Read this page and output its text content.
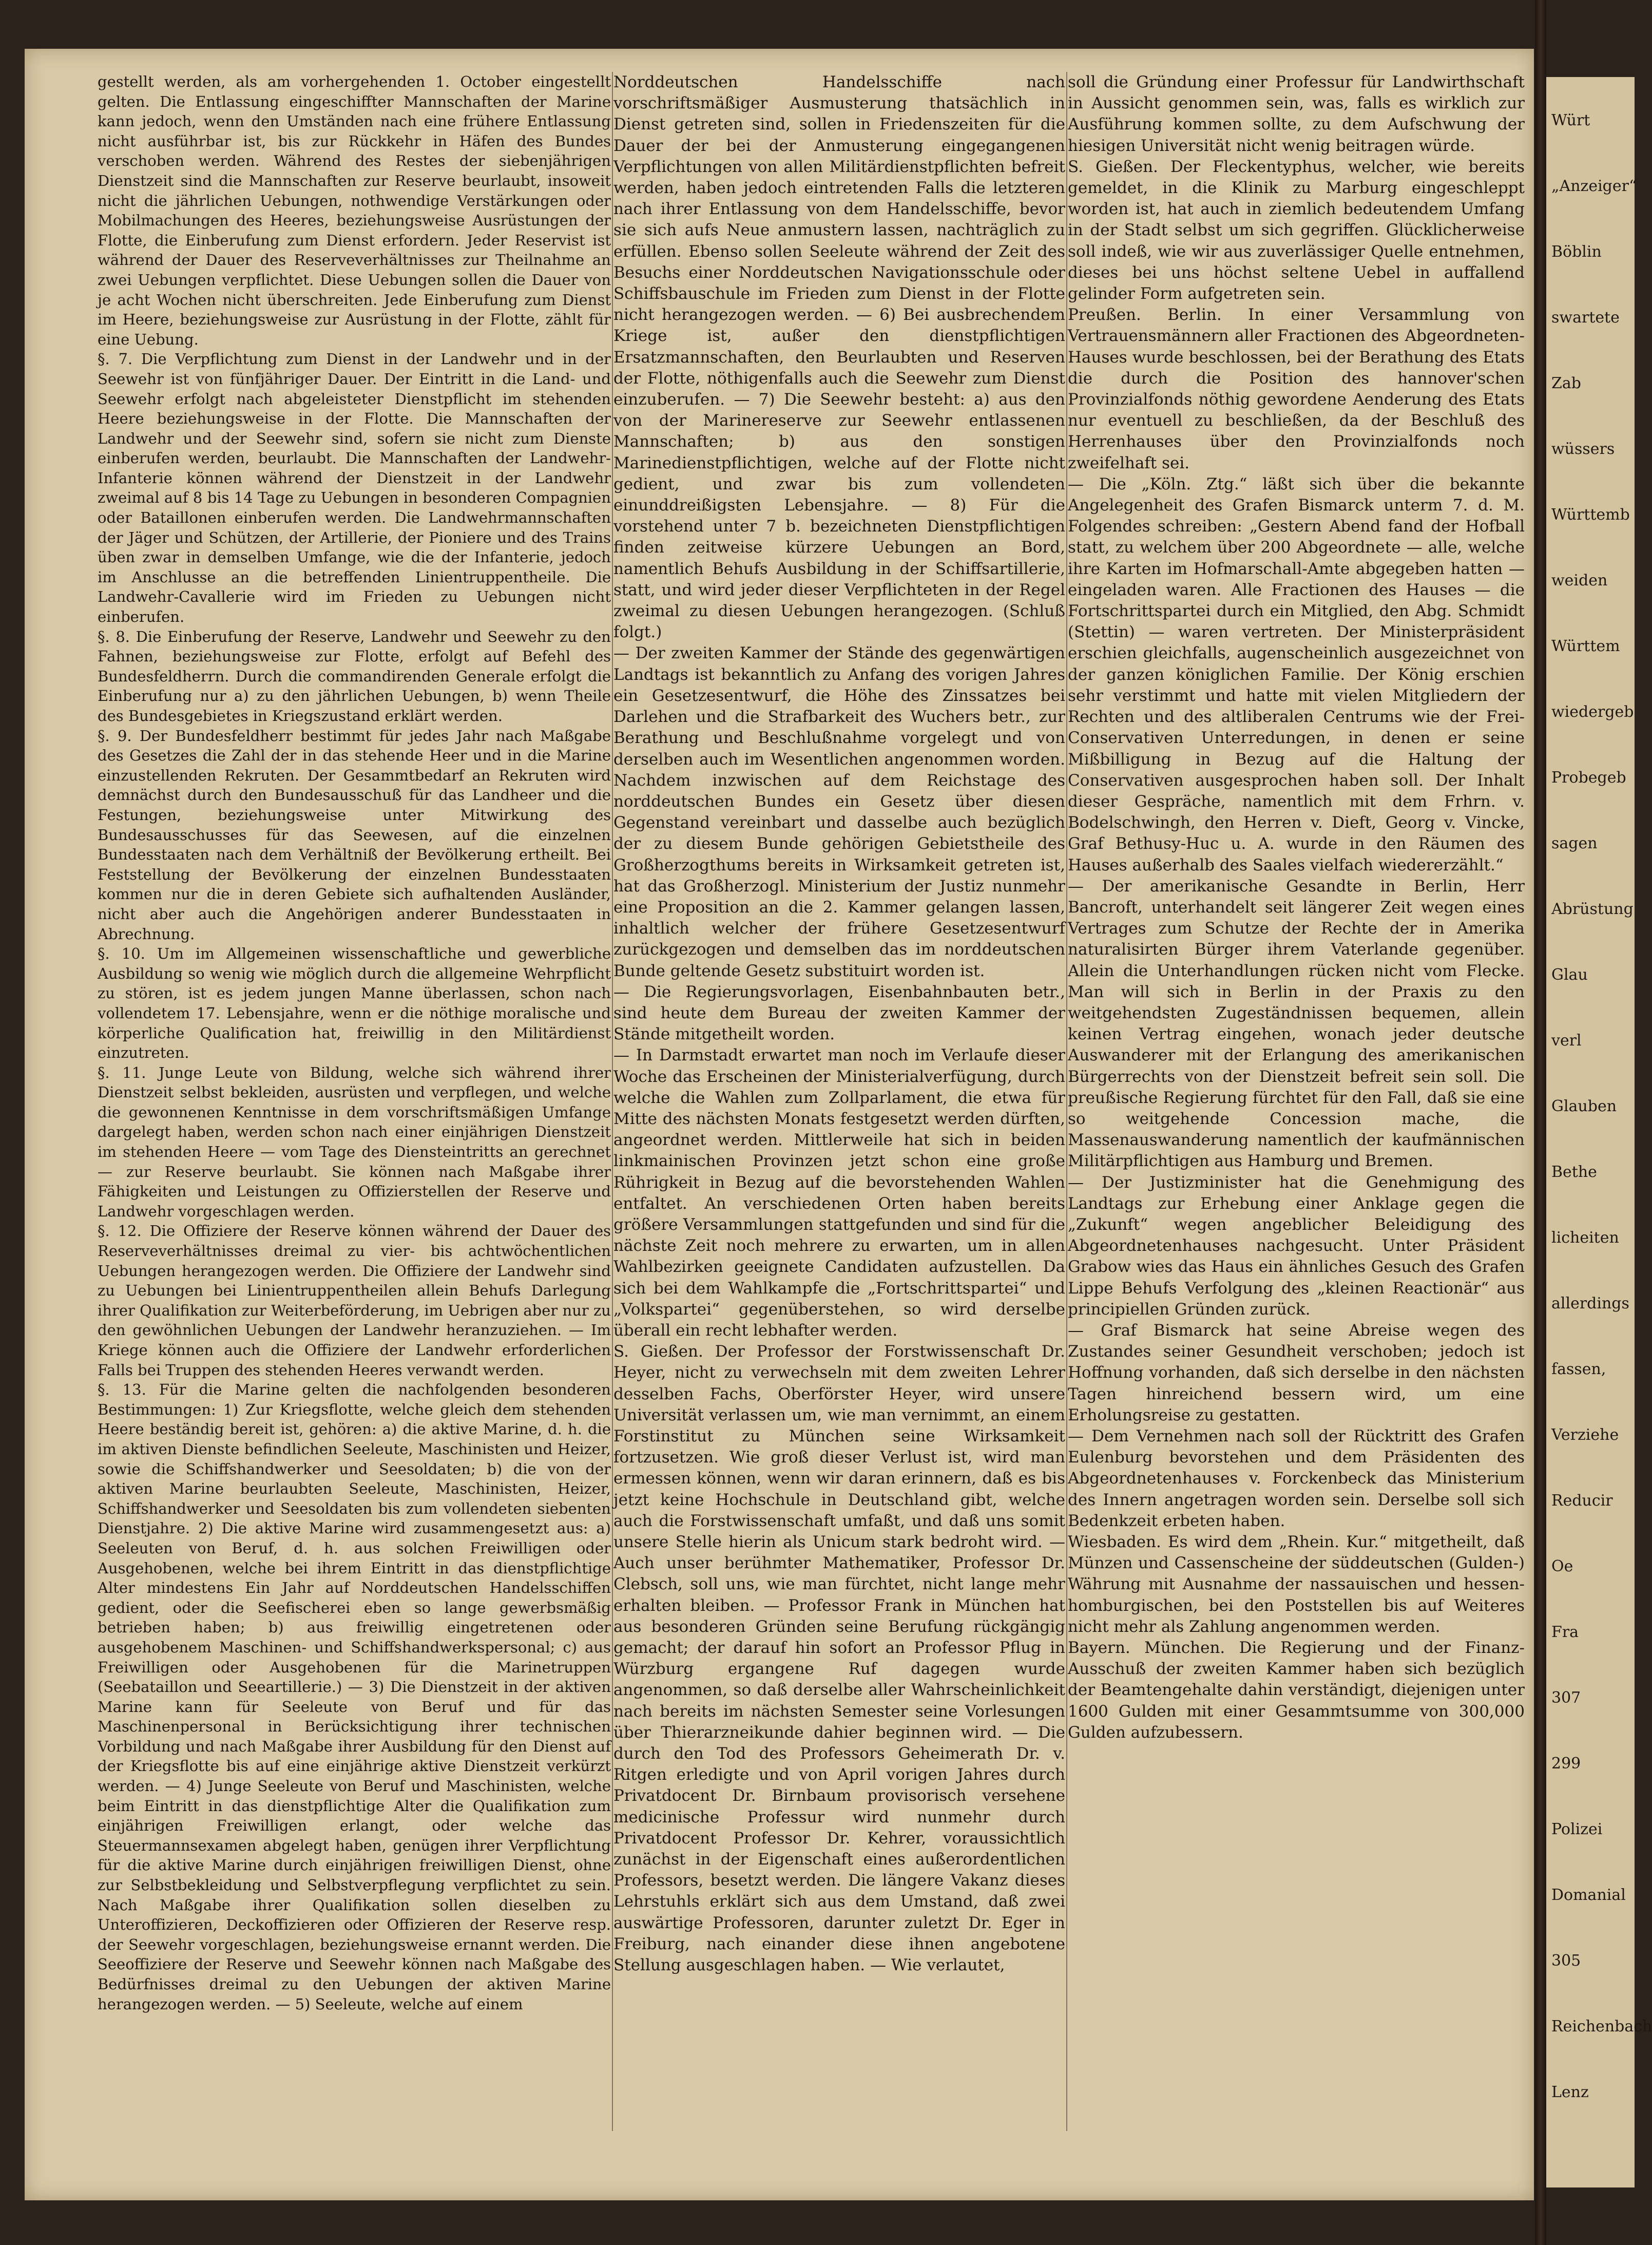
Würt
„Anzeiger“
Böblin
swartete
Zab
wüssers
Württemb
weiden
Württem
wiedergeb
Probegeb
sagen
Abrüstung
Glau
verl
Glauben
Bethe
licheiten
allerdings
fassen,
Verziehe
Reducir
Oe
Fra
307
299
Polizei
Domanial
305
Reichenbach
Lenz

gestellt werden, als am vorhergehenden 1. October eingestellt gelten. Die Entlassung eingeschiffter Mannschaften der Marine kann jedoch, wenn den Umständen nach eine frühere Entlassung nicht ausführbar ist, bis zur Rückkehr in Häfen des Bundes verschoben werden. Während des Restes der siebenjährigen Dienstzeit sind die Mannschaften zur Reserve beurlaubt, insoweit nicht die jährlichen Uebungen, nothwendige Verstärkungen oder Mobilmachungen des Heeres, beziehungsweise Ausrüstungen der Flotte, die Einberufung zum Dienst erfordern. Jeder Reservist ist während der Dauer des Reserveverhältnisses zur Theilnahme an zwei Uebungen verpflichtet. Diese Uebungen sollen die Dauer von je acht Wochen nicht überschreiten. Jede Einberufung zum Dienst im Heere, beziehungsweise zur Ausrüstung in der Flotte, zählt für eine Uebung.

§. 7. Die Verpflichtung zum Dienst in der Landwehr und in der Seewehr ist von fünfjähriger Dauer. Der Eintritt in die Land- und Seewehr erfolgt nach abgeleisteter Dienstpflicht im stehenden Heere beziehungsweise in der Flotte. Die Mannschaften der Landwehr und der Seewehr sind, sofern sie nicht zum Dienste einberufen werden, beurlaubt. Die Mannschaften der Landwehr-Infanterie können während der Dienstzeit in der Landwehr zweimal auf 8 bis 14 Tage zu Uebungen in besonderen Compagnien oder Bataillonen einberufen werden. Die Landwehrmannschaften der Jäger und Schützen, der Artillerie, der Pioniere und des Trains üben zwar in demselben Umfange, wie die der Infanterie, jedoch im Anschlusse an die betreffenden Linientruppentheile. Die Landwehr-Cavallerie wird im Frieden zu Uebungen nicht einberufen.

§. 8. Die Einberufung der Reserve, Landwehr und Seewehr zu den Fahnen, beziehungsweise zur Flotte, erfolgt auf Befehl des Bundesfeldherrn. Durch die commandirenden Generale erfolgt die Einberufung nur a) zu den jährlichen Uebungen, b) wenn Theile des Bundesgebietes in Kriegszustand erklärt werden.

§. 9. Der Bundesfeldherr bestimmt für jedes Jahr nach Maßgabe des Gesetzes die Zahl der in das stehende Heer und in die Marine einzustellenden Rekruten. Der Gesammtbedarf an Rekruten wird demnächst durch den Bundesausschuß für das Landheer und die Festungen, beziehungsweise unter Mitwirkung des Bundesausschusses für das Seewesen, auf die einzelnen Bundesstaaten nach dem Verhältniß der Bevölkerung ertheilt. Bei Feststellung der Bevölkerung der einzelnen Bundesstaaten kommen nur die in deren Gebiete sich aufhaltenden Ausländer, nicht aber auch die Angehörigen anderer Bundesstaaten in Abrechnung.

§. 10. Um im Allgemeinen wissenschaftliche und gewerbliche Ausbildung so wenig wie möglich durch die allgemeine Wehrpflicht zu stören, ist es jedem jungen Manne überlassen, schon nach vollendetem 17. Lebensjahre, wenn er die nöthige moralische und körperliche Qualification hat, freiwillig in den Militärdienst einzutreten.

§. 11. Junge Leute von Bildung, welche sich während ihrer Dienstzeit selbst bekleiden, ausrüsten und verpflegen, und welche die gewonnenen Kenntnisse in dem vorschriftsmäßigen Umfange dargelegt haben, werden schon nach einer einjährigen Dienstzeit im stehenden Heere — vom Tage des Diensteintritts an gerechnet — zur Reserve beurlaubt. Sie können nach Maßgabe ihrer Fähigkeiten und Leistungen zu Offizierstellen der Reserve und Landwehr vorgeschlagen werden.

§. 12. Die Offiziere der Reserve können während der Dauer des Reserveverhältnisses dreimal zu vier- bis achtwöchentlichen Uebungen herangezogen werden. Die Offiziere der Landwehr sind zu Uebungen bei Linientruppentheilen allein Behufs Darlegung ihrer Qualifikation zur Weiterbeförderung, im Uebrigen aber nur zu den gewöhnlichen Uebungen der Landwehr heranzuziehen. — Im Kriege können auch die Offiziere der Landwehr erforderlichen Falls bei Truppen des stehenden Heeres verwandt werden.

§. 13. Für die Marine gelten die nachfolgenden besonderen Bestimmungen: 1) Zur Kriegsflotte, welche gleich dem stehenden Heere beständig bereit ist, gehören: a) die aktive Marine, d. h. die im aktiven Dienste befindlichen Seeleute, Maschinisten und Heizer, sowie die Schiffshandwerker und Seesoldaten; b) die von der aktiven Marine beurlaubten Seeleute, Maschinisten, Heizer, Schiffshandwerker und Seesoldaten bis zum vollendeten siebenten Dienstjahre. 2) Die aktive Marine wird zusammengesetzt aus: a) Seeleuten von Beruf, d. h. aus solchen Freiwilligen oder Ausgehobenen, welche bei ihrem Eintritt in das dienstpflichtige Alter mindestens Ein Jahr auf Norddeutschen Handelsschiffen gedient, oder die Seefischerei eben so lange gewerbsmäßig betrieben haben; b) aus freiwillig eingetretenen oder ausgehobenem Maschinen- und Schiffshandwerkspersonal; c) aus Freiwilligen oder Ausgehobenen für die Marinetruppen (Seebataillon und Seeartillerie.) — 3) Die Dienstzeit in der aktiven Marine kann für Seeleute von Beruf und für das Maschinenpersonal in Berücksichtigung ihrer technischen Vorbildung und nach Maßgabe ihrer Ausbildung für den Dienst auf der Kriegsflotte bis auf eine einjährige aktive Dienstzeit verkürzt werden. — 4) Junge Seeleute von Beruf und Maschinisten, welche beim Eintritt in das dienstpflichtige Alter die Qualifikation zum einjährigen Freiwilligen erlangt, oder welche das Steuermannsexamen abgelegt haben, genügen ihrer Verpflichtung für die aktive Marine durch einjährigen freiwilligen Dienst, ohne zur Selbstbekleidung und Selbstverpflegung verpflichtet zu sein. Nach Maßgabe ihrer Qualifikation sollen dieselben zu Unteroffizieren, Deckoffizieren oder Offizieren der Reserve resp. der Seewehr vorgeschlagen, beziehungsweise ernannt werden. Die Seeoffiziere der Reserve und Seewehr können nach Maßgabe des Bedürfnisses dreimal zu den Uebungen der aktiven Marine herangezogen werden. — 5) Seeleute, welche auf einem

Norddeutschen Handelsschiffe nach vorschriftsmäßiger Ausmusterung thatsächlich in Dienst getreten sind, sollen in Friedenszeiten für die Dauer der bei der Anmusterung eingegangenen Verpflichtungen von allen Militärdienstpflichten befreit werden, haben jedoch eintretenden Falls die letzteren nach ihrer Entlassung von dem Handelsschiffe, bevor sie sich aufs Neue anmustern lassen, nachträglich zu erfüllen. Ebenso sollen Seeleute während der Zeit des Besuchs einer Norddeutschen Navigationsschule oder Schiffsbauschule im Frieden zum Dienst in der Flotte nicht herangezogen werden. — 6) Bei ausbrechendem Kriege ist, außer den dienstpflichtigen Ersatzmannschaften, den Beurlaubten und Reserven der Flotte, nöthigenfalls auch die Seewehr zum Dienst einzuberufen. — 7) Die Seewehr besteht: a) aus den von der Marinereserve zur Seewehr entlassenen Mannschaften; b) aus den sonstigen Marinedienstpflichtigen, welche auf der Flotte nicht gedient, und zwar bis zum vollendeten einunddreißigsten Lebensjahre. — 8) Für die vorstehend unter 7 b. bezeichneten Dienstpflichtigen finden zeitweise kürzere Uebungen an Bord, namentlich Behufs Ausbildung in der Schiffsartillerie, statt, und wird jeder dieser Verpflichteten in der Regel zweimal zu diesen Uebungen herangezogen. (Schluß folgt.)

— Der zweiten Kammer der Stände des gegenwärtigen Landtags ist bekanntlich zu Anfang des vorigen Jahres ein Gesetzesentwurf, die Höhe des Zinssatzes bei Darlehen und die Strafbarkeit des Wuchers betr., zur Berathung und Beschlußnahme vorgelegt und von derselben auch im Wesentlichen angenommen worden. Nachdem inzwischen auf dem Reichstage des norddeutschen Bundes ein Gesetz über diesen Gegenstand vereinbart und dasselbe auch bezüglich der zu diesem Bunde gehörigen Gebietstheile des Großherzogthums bereits in Wirksamkeit getreten ist, hat das Großherzogl. Ministerium der Justiz nunmehr eine Proposition an die 2. Kammer gelangen lassen, inhaltlich welcher der frühere Gesetzesentwurf zurückgezogen und demselben das im norddeutschen Bunde geltende Gesetz substituirt worden ist.

— Die Regierungsvorlagen, Eisenbahnbauten betr., sind heute dem Bureau der zweiten Kammer der Stände mitgetheilt worden.

— In Darmstadt erwartet man noch im Verlaufe dieser Woche das Erscheinen der Ministerialverfügung, durch welche die Wahlen zum Zollparlament, die etwa für Mitte des nächsten Monats festgesetzt werden dürften, angeordnet werden. Mittlerweile hat sich in beiden linkmainischen Provinzen jetzt schon eine große Rührigkeit in Bezug auf die bevorstehenden Wahlen entfaltet. An verschiedenen Orten haben bereits größere Versammlungen stattgefunden und sind für die nächste Zeit noch mehrere zu erwarten, um in allen Wahlbezirken geeignete Candidaten aufzustellen. Da sich bei dem Wahlkampfe die „Fortschrittspartei“ und „Volkspartei“ gegenüberstehen, so wird derselbe überall ein recht lebhafter werden.

S. Gießen. Der Professor der Forstwissenschaft Dr. Heyer, nicht zu verwechseln mit dem zweiten Lehrer desselben Fachs, Oberförster Heyer, wird unsere Universität verlassen um, wie man vernimmt, an einem Forstinstitut zu München seine Wirksamkeit fortzusetzen. Wie groß dieser Verlust ist, wird man ermessen können, wenn wir daran erinnern, daß es bis jetzt keine Hochschule in Deutschland gibt, welche auch die Forstwissenschaft umfaßt, und daß uns somit unsere Stelle hierin als Unicum stark bedroht wird. — Auch unser berühmter Mathematiker, Professor Dr. Clebsch, soll uns, wie man fürchtet, nicht lange mehr erhalten bleiben. — Professor Frank in München hat aus besonderen Gründen seine Berufung rückgängig gemacht; der darauf hin sofort an Professor Pflug in Würzburg ergangene Ruf dagegen wurde angenommen, so daß derselbe aller Wahrscheinlichkeit nach bereits im nächsten Semester seine Vorlesungen über Thierarzneikunde dahier beginnen wird. — Die durch den Tod des Professors Geheimerath Dr. v. Ritgen erledigte und von April vorigen Jahres durch Privatdocent Dr. Birnbaum provisorisch versehene medicinische Professur wird nunmehr durch Privatdocent Professor Dr. Kehrer, voraussichtlich zunächst in der Eigenschaft eines außerordentlichen Professors, besetzt werden. Die längere Vakanz dieses Lehrstuhls erklärt sich aus dem Umstand, daß zwei auswärtige Professoren, darunter zuletzt Dr. Eger in Freiburg, nach einander diese ihnen angebotene Stellung ausgeschlagen haben. — Wie verlautet,

soll die Gründung einer Professur für Landwirthschaft in Aussicht genommen sein, was, falls es wirklich zur Ausführung kommen sollte, zu dem Aufschwung der hiesigen Universität nicht wenig beitragen würde.

S. Gießen. Der Fleckentyphus, welcher, wie bereits gemeldet, in die Klinik zu Marburg eingeschleppt worden ist, hat auch in ziemlich bedeutendem Umfang in der Stadt selbst um sich gegriffen. Glücklicherweise soll indeß, wie wir aus zuverlässiger Quelle entnehmen, dieses bei uns höchst seltene Uebel in auffallend gelinder Form aufgetreten sein.

Preußen. Berlin. In einer Versammlung von Vertrauensmännern aller Fractionen des Abgeordneten-Hauses wurde beschlossen, bei der Berathung des Etats die durch die Position des hannover'schen Provinzialfonds nöthig gewordene Aenderung des Etats nur eventuell zu beschließen, da der Beschluß des Herrenhauses über den Provinzialfonds noch zweifelhaft sei.

— Die „Köln. Ztg.“ läßt sich über die bekannte Angelegenheit des Grafen Bismarck unterm 7. d. M. Folgendes schreiben: „Gestern Abend fand der Hofball statt, zu welchem über 200 Abgeordnete — alle, welche ihre Karten im Hofmarschall-Amte abgegeben hatten — eingeladen waren. Alle Fractionen des Hauses — die Fortschrittspartei durch ein Mitglied, den Abg. Schmidt (Stettin) — waren vertreten. Der Ministerpräsident erschien gleichfalls, augenscheinlich ausgezeichnet von der ganzen königlichen Familie. Der König erschien sehr verstimmt und hatte mit vielen Mitgliedern der Rechten und des altliberalen Centrums wie der Frei-Conservativen Unterredungen, in denen er seine Mißbilligung in Bezug auf die Haltung der Conservativen ausgesprochen haben soll. Der Inhalt dieser Gespräche, namentlich mit dem Frhrn. v. Bodelschwingh, den Herren v. Dieft, Georg v. Vincke, Graf Bethusy-Huc u. A. wurde in den Räumen des Hauses außerhalb des Saales vielfach wiedererzählt.“

— Der amerikanische Gesandte in Berlin, Herr Bancroft, unterhandelt seit längerer Zeit wegen eines Vertrages zum Schutze der Rechte der in Amerika naturalisirten Bürger ihrem Vaterlande gegenüber. Allein die Unterhandlungen rücken nicht vom Flecke. Man will sich in Berlin in der Praxis zu den weitgehendsten Zugeständnissen bequemen, allein keinen Vertrag eingehen, wonach jeder deutsche Auswanderer mit der Erlangung des amerikanischen Bürgerrechts von der Dienstzeit befreit sein soll. Die preußische Regierung fürchtet für den Fall, daß sie eine so weitgehende Concession mache, die Massenauswanderung namentlich der kaufmännischen Militärpflichtigen aus Hamburg und Bremen.

— Der Justizminister hat die Genehmigung des Landtags zur Erhebung einer Anklage gegen die „Zukunft“ wegen angeblicher Beleidigung des Abgeordnetenhauses nachgesucht. Unter Präsident Grabow wies das Haus ein ähnliches Gesuch des Grafen Lippe Behufs Verfolgung des „kleinen Reactionär“ aus principiellen Gründen zurück.

— Graf Bismarck hat seine Abreise wegen des Zustandes seiner Gesundheit verschoben; jedoch ist Hoffnung vorhanden, daß sich derselbe in den nächsten Tagen hinreichend bessern wird, um eine Erholungsreise zu gestatten.

— Dem Vernehmen nach soll der Rücktritt des Grafen Eulenburg bevorstehen und dem Präsidenten des Abgeordnetenhauses v. Forckenbeck das Ministerium des Innern angetragen worden sein. Derselbe soll sich Bedenkzeit erbeten haben.

Wiesbaden. Es wird dem „Rhein. Kur.“ mitgetheilt, daß Münzen und Cassenscheine der süddeutschen (Gulden-) Währung mit Ausnahme der nassauischen und hessen-homburgischen, bei den Poststellen bis auf Weiteres nicht mehr als Zahlung angenommen werden.

Bayern. München. Die Regierung und der Finanz-Ausschuß der zweiten Kammer haben sich bezüglich der Beamtengehalte dahin verständigt, diejenigen unter 1600 Gulden mit einer Gesammtsumme von 300,000 Gulden aufzubessern.
